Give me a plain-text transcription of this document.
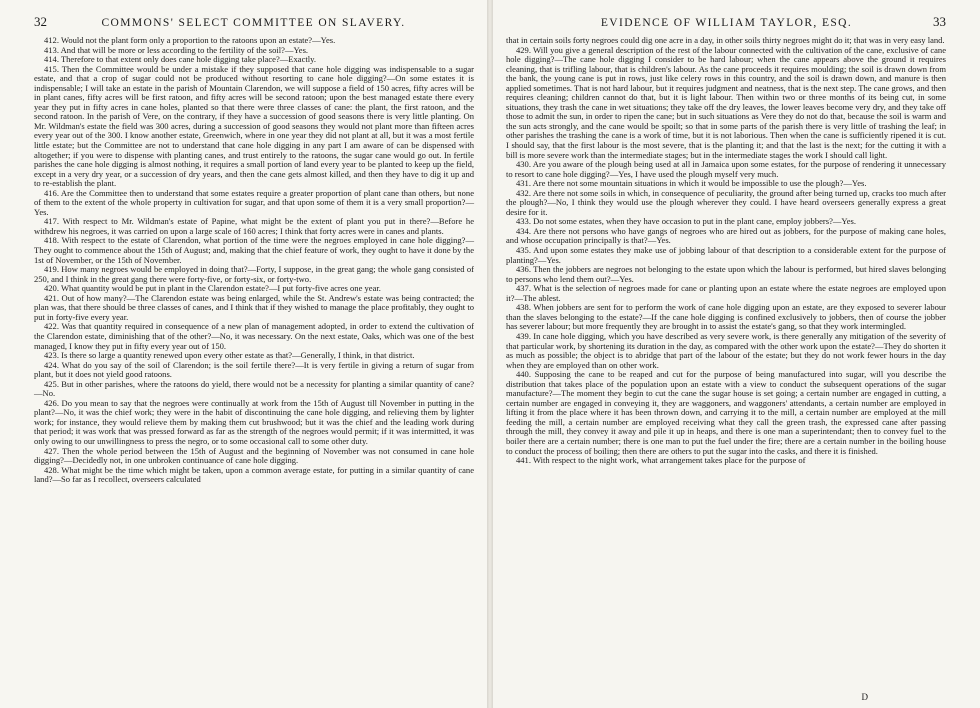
32	COMMONS' SELECT COMMITTEE ON SLAVERY.

412. Would not the plant form only a proportion to the ratoons upon an estate?—Yes.

413. And that will be more or less according to the fertility of the soil?—Yes.

414. Therefore to that extent only does cane hole digging take place?—Exactly.

415. Then the Committee would be under a mistake if they supposed that cane hole digging was indispensable to a sugar estate, and that a crop of sugar could not be produced without resorting to cane hole digging?—On some estates it is indispensable; I will take an estate in the parish of Mountain Clarendon, we will suppose a field of 150 acres, fifty acres will be in plant canes, fifty acres will be first ratoon, and fifty acres will be second ratoon; upon the best managed estate there every year they put in fifty acres in cane holes, planted so that there were three classes of cane: the plant, the first ratoon, and the second ratoon. In the parish of Vere, on the contrary, if they have a succession of good seasons there is very little planting. On Mr. Wildman's estate the field was 300 acres, during a succession of good seasons they would not plant more than fifteen acres every year out of the 300. I know another estate, Greenwich, where in one year they did not plant at all, but it was a most fertile little estate; but the Committee are not to understand that cane hole digging in any part I am aware of can be dispensed with altogether; if you were to dispense with planting canes, and trust entirely to the ratoons, the sugar cane would go out. In fertile parishes the cane hole digging is almost nothing, it requires a small portion of land every year to be planted to keep up the field, except in a very dry year, or a succession of dry years, and then the cane gets almost killed, and then they have to dig it up and to re-establish the plant.

416. Are the Committee then to understand that some estates require a greater proportion of plant cane than others, but none of them to the extent of the whole property in cultivation for sugar, and that upon some of them it is a very small proportion?—Yes.

417. With respect to Mr. Wildman's estate of Papine, what might be the extent of plant you put in there?—Before he withdrew his negroes, it was carried on upon a large scale of 160 acres; I think that forty acres were in canes and plants.

418. With respect to the estate of Clarendon, what portion of the time were the negroes employed in cane hole digging?—They ought to commence about the 15th of August; and, making that the chief feature of work, they ought to have it done by the 1st of November, or the 15th of November.

419. How many negroes would be employed in doing that?—Forty, I suppose, in the great gang; the whole gang consisted of 250, and I think in the great gang there were forty-five, or forty-six, or forty-two.

420. What quantity would be put in plant in the Clarendon estate?—I put forty-five acres one year.

421. Out of how many?—The Clarendon estate was being enlarged, while the St. Andrew's estate was being contracted; the plan was, that there should be three classes of canes, and I think that if they wished to manage the place profitably, they ought to put in forty-five every year.

422. Was that quantity required in consequence of a new plan of management adopted, in order to extend the cultivation of the Clarendon estate, diminishing that of the other?—No, it was necessary. On the next estate, Oaks, which was one of the best managed, I know they put in fifty every year out of 150.

423. Is there so large a quantity renewed upon every other estate as that?—Generally, I think, in that district.

424. What do you say of the soil of Clarendon; is the soil fertile there?—It is very fertile in giving a return of sugar from plant, but it does not yield good ratoons.

425. But in other parishes, where the ratoons do yield, there would not be a necessity for planting a similar quantity of cane?—No.

426. Do you mean to say that the negroes were continually at work from the 15th of August till November in putting in the plant?—No, it was the chief work; they were in the habit of discontinuing the cane hole digging, and relieving them by lighter work; for instance, they would relieve them by making them cut brushwood; but it was the chief and the leading work during that period; it was work that was pressed forward as far as the strength of the negroes would permit; if it was intermitted, it was only owing to our unwillingness to press the negro, or to some occasional call to some other duty.

427. Then the whole period between the 15th of August and the beginning of November was not consumed in cane hole digging?—Decidedly not, in one unbroken continuance of cane hole digging.

428. What might be the time which might be taken, upon a common average estate, for putting in a similar quantity of cane land?—So far as I recollect, overseers calculated

EVIDENCE OF WILLIAM TAYLOR, ESQ.	33

that in certain soils forty negroes could dig one acre in a day, in other soils thirty negroes might do it; that was in very easy land.

429. Will you give a general description of the rest of the labour connected with the cultivation of the cane, exclusive of cane hole digging?—The cane hole digging I consider to be hard labour; when the cane appears above the ground it requires cleaning, that is trifling labour, that is children's labour. As the cane proceeds it requires moulding; the soil is drawn down from the bank, the young cane is put in rows, just like celery rows in this country, and the soil is drawn down, and manure is then applied sometimes. That is not hard labour, but it requires judgment and neatness, that is the next step. The cane grows, and then requires cleaning; children cannot do that, but it is light labour. Then within two or three months of its being cut, in some situations, they trash the cane in wet situations; they take off the dry leaves, the lower leaves become very dry, and they take off those to admit the sun, in order to ripen the cane; but in such situations as Vere they do not do that, because the soil is warm and the sun acts strongly, and the cane would be spoilt; so that in some parts of the parish there is very little of trashing the leaf; in other parishes the trashing the cane is a work of time, but it is not laborious. Then when the cane is sufficiently ripened it is cut. I should say, that the first labour is the most severe, that is the planting it; and that the last is the next; for the cutting it with a bill is more severe work than the intermediate stages; but in the intermediate stages the work I should call light.

430. Are you aware of the plough being used at all in Jamaica upon some estates, for the purpose of rendering it unnecessary to resort to cane hole digging?—Yes, I have used the plough myself very much.

431. Are there not some mountain situations in which it would be impossible to use the plough?—Yes.

432. Are there not some soils in which, in consequence of peculiarity, the ground after being turned up, cracks too much after the plough?—No, I think they would use the plough wherever they could. I have heard overseers generally express a great desire for it.

433. Do not some estates, when they have occasion to put in the plant cane, employ jobbers?—Yes.

434. Are there not persons who have gangs of negroes who are hired out as jobbers, for the purpose of making cane holes, and whose occupation principally is that?—Yes.

435. And upon some estates they make use of jobbing labour of that description to a considerable extent for the purpose of planting?—Yes.

436. Then the jobbers are negroes not belonging to the estate upon which the labour is performed, but hired slaves belonging to persons who lend them out?—Yes.

437. What is the selection of negroes made for cane or planting upon an estate where the estate negroes are employed upon it?—The ablest.

438. When jobbers are sent for to perform the work of cane hole digging upon an estate, are they exposed to severer labour than the slaves belonging to the estate?—If the cane hole digging is confined exclusively to jobbers, then of course the jobber has severer labour; but more frequently they are brought in to assist the estate's gang, so that they work intermingled.

439. In cane hole digging, which you have described as very severe work, is there generally any mitigation of the severity of that particular work, by shortening its duration in the day, as compared with the other work upon the estate?—They do shorten it as much as possible; the object is to abridge that part of the labour of the estate; but they do not work fewer hours in the day when they are employed than on other work.

440. Supposing the cane to be reaped and cut for the purpose of being manufactured into sugar, will you describe the distribution that takes place of the population upon an estate with a view to conduct the subsequent operations of the sugar manufacture?—The moment they begin to cut the cane the sugar house is set going; a certain number are engaged in cutting, a certain number are engaged in conveying it, they are waggoners, and waggoners' attendants, a certain number are employed in lifting it from the place where it has been thrown down, and carrying it to the mill, a certain number are employed at the mill feeding the mill, a certain number are employed receiving what they call the green trash, the expressed cane after passing through the mill, they convey it away and pile it up in heaps, and there is one man a superintendant; then to convey fuel to the boiler there are a certain number; there is one man to put the fuel under the fire; there are a certain number in the boiling house to conduct the process of boiling; then there are others to put the sugar into the casks, and there it is finished.

441. With respect to the night work, what arrangement takes place for the purpose of

D
